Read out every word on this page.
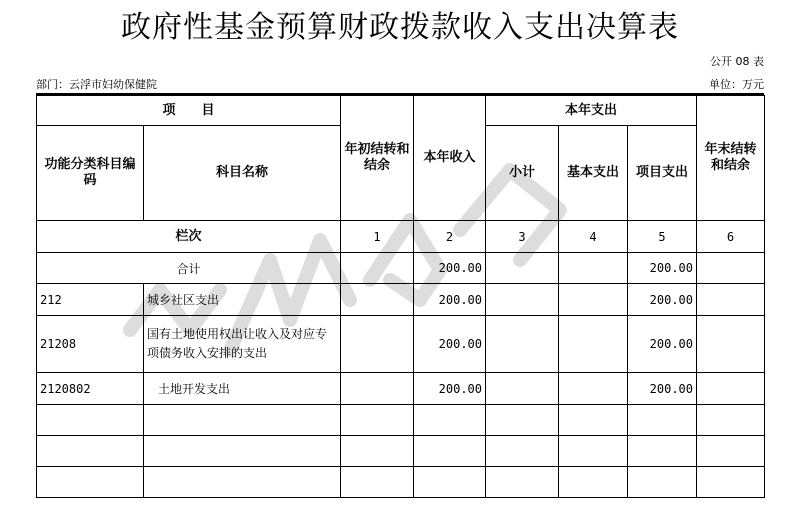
政府性基金预算财政拨款收入支出决算表
公开 08 表
部门：云浮市妇幼保健院	单位：万元
项　　目		年初结转和结余	本年收入	本年支出			年末结转和结余
功能分类科目编码	科目名称			小计	基本支出	项目支出	
栏次		1	2	3	4	5	6
合计			200.00			200.00	
212	城乡社区支出		200.00			200.00	
21208	国有土地使用权出让收入及对应专项债务收入安排的支出		200.00			200.00	
2120802	土地开发支出		200.00			200.00	
